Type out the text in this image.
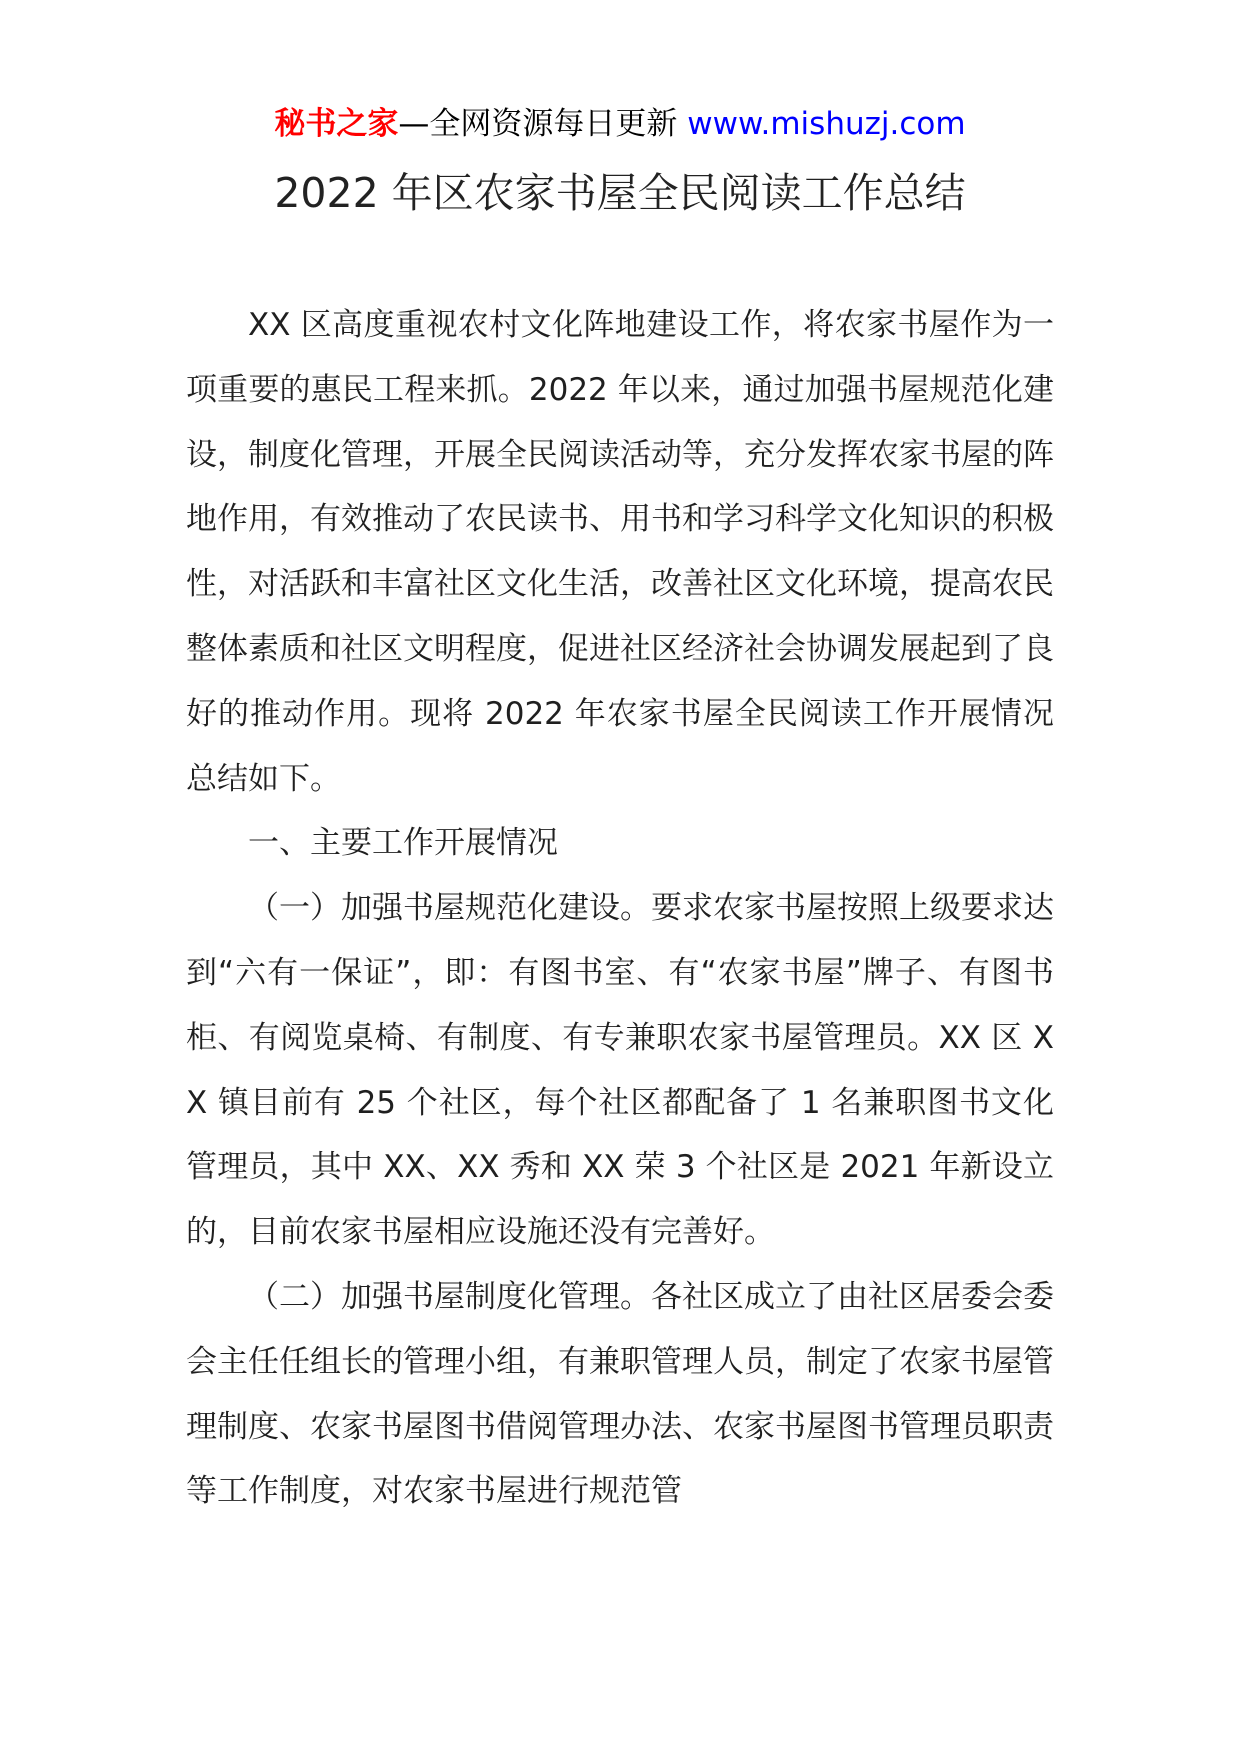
秘书之家—全网资源每日更新 www.mishuzj.com
2022 年区农家书屋全民阅读工作总结

XX 区高度重视农村文化阵地建设工作，将农家书屋作为一项重要的惠民工程来抓。2022 年以来，通过加强书屋规范化建设，制度化管理，开展全民阅读活动等，充分发挥农家书屋的阵地作用，有效推动了农民读书、用书和学习科学文化知识的积极性，对活跃和丰富社区文化生活，改善社区文化环境，提高农民整体素质和社区文明程度，促进社区经济社会协调发展起到了良好的推动作用。现将 2022 年农家书屋全民阅读工作开展情况总结如下。

一、主要工作开展情况

（一）加强书屋规范化建设。要求农家书屋按照上级要求达到“六有一保证”，即：有图书室、有“农家书屋”牌子、有图书柜、有阅览桌椅、有制度、有专兼职农家书屋管理员。XX 区 XX 镇目前有 25 个社区，每个社区都配备了 1 名兼职图书文化管理员，其中 XX、XX 秀和 XX 荣 3 个社区是 2021 年新设立的，目前农家书屋相应设施还没有完善好。

（二）加强书屋制度化管理。各社区成立了由社区居委会委会主任任组长的管理小组，有兼职管理人员，制定了农家书屋管理制度、农家书屋图书借阅管理办法、农家书屋图书管理员职责等工作制度，对农家书屋进行规范管
